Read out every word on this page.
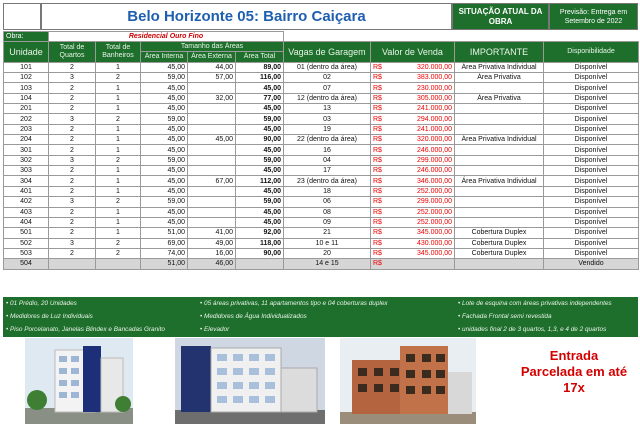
Belo Horizonte 05: Bairro Caiçara	SITUAÇÃO ATUAL DA OBRA
Previsão: Entrega em Setembro de 2022
Obra:	Residencial Ouro Fino								
Unidade	Total de Quartos	Total de Banheiros	Tamanho das Áreas			Vagas de Garagem	Valor de Venda	IMPORTANTE	Disponibilidade
			Área Interna	Área Externa	Área Total				
101	2	1	45,00	44,00	89,00	01 (dentro da área)	R$ 320.000,00	Área Privativa Individual	Disponível
102	3	2	59,00	57,00	116,00	02	R$ 383.000,00	Área Privativa	Disponível
103	2	1	45,00		45,00	07	R$ 230.000,00		Disponível
104	2	1	45,00	32,00	77,00	12 (dentro da área)	R$ 305.000,00	Área Privativa	Disponível
201	2	1	45,00		45,00	13	R$ 241.000,00		Disponível
202	3	2	59,00		59,00	03	R$ 294.000,00		Disponível
203	2	1	45,00		45,00	19	R$ 241.000,00		Disponível
204	2	1	45,00	45,00	90,00	22 (dentro da área)	R$ 320.000,00	Área Privativa Individual	Disponível
301	2	1	45,00		45,00	16	R$ 246.000,00		Disponível
302	3	2	59,00		59,00	04	R$ 299.000,00		Disponível
303	2	1	45,00		45,00	17	R$ 246.000,00		Disponível
304	2	1	45,00	67,00	112,00	23 (dentro da área)	R$ 346.000,00	Área Privativa Individual	Disponível
401	2	1	45,00		45,00	18	R$ 252.000,00		Disponível
402	3	2	59,00		59,00	06	R$ 299.000,00		Disponível
403	2	1	45,00		45,00	08	R$ 252.000,00		Disponível
404	2	1	45,00		45,00	09	R$ 252.000,00		Disponível
501	2	1	51,00	41,00	92,00	21	R$ 345.000,00	Cobertura Duplex	Disponível
502	3	2	69,00	49,00	118,00	10 e 11	R$ 430.000,00	Cobertura Duplex	Disponível
503	2	2	74,00	16,00	90,00	20	R$ 345.000,00	Cobertura Duplex	Disponível
504			51,00	46,00		14 e 15	R$		Vendido
• 01 Prédio, 20 Unidades
• Medidores de Luz Individuais
• Piso Porcelanato, Janelas Blindex e Bancadas Granito
• 05 áreas privativas, 11 apartamentos tipo e 04 coberturas duplex
• Medidores de Água Individualizados
• Elevador
• Lote de esquina com áreas privativas independentes
• Fachada Frontal semi revestida
• unidades final 2 de 3 quartos, 1,3, e 4 de 2 quartos
Entrada
Parcelada em até
17x
